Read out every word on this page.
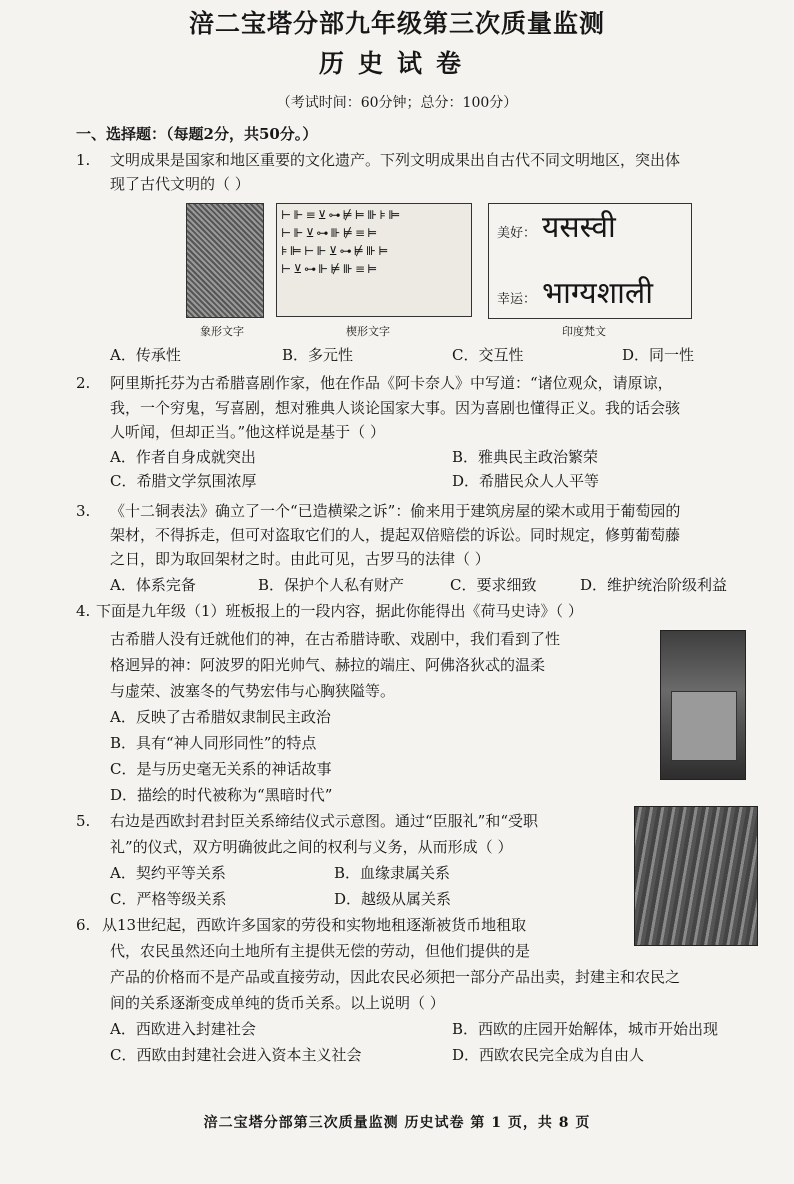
涪二宝塔分部九年级第三次质量监测
历史试卷
（考试时间：60分钟；总分：100分）
一、选择题：（每题2分，共50分。）
1. 文明成果是国家和地区重要的文化遗产。下列文明成果出自古代不同文明地区，突出体
现了古代文明的（ ）
⊢⊩≡⊻⊶⊭⊨⊪⊧⊫ ⊢⊩⊻⊶⊪⊭≡⊨ ⊧⊫⊢⊩⊻⊶⊭⊪⊨ ⊢⊻⊶⊩⊭⊪≡⊨
美好： यसस्वी
幸运： भाग्यशाली
象形文字	楔形文字	印度梵文
A．传承性	B．多元性	C．交互性	D．同一性
2. 阿里斯托芬为古希腊喜剧作家，他在作品《阿卡奈人》中写道：“诸位观众，请原谅，
我，一个穷鬼，写喜剧，想对雅典人谈论国家大事。因为喜剧也懂得正义。我的话会骇
人听闻，但却正当。”他这样说是基于（ ）
A．作者自身成就突出	B．雅典民主政治繁荣
C．希腊文学氛围浓厚	D．希腊民众人人平等
3. 《十二铜表法》确立了一个“已造横梁之诉”：偷来用于建筑房屋的梁木或用于葡萄园的
架材，不得拆走，但可对盗取它们的人，提起双倍赔偿的诉讼。同时规定，修剪葡萄藤
之日，即为取回架材之时。由此可见，古罗马的法律（ ）
A．体系完备	B．保护个人私有财产	C．要求细致	D．维护统治阶级利益
4. 下面是九年级（1）班板报上的一段内容，据此你能得出《荷马史诗》（ ）
古希腊人没有迁就他们的神，在古希腊诗歌、戏剧中，我们看到了性
格迥异的神：阿波罗的阳光帅气、赫拉的端庄、阿佛洛狄忒的温柔
与虚荣、波塞冬的气势宏伟与心胸狭隘等。
A．反映了古希腊奴隶制民主政治
B．具有“神人同形同性”的特点
C．是与历史毫无关系的神话故事
D．描绘的时代被称为“黑暗时代”
5. 右边是西欧封君封臣关系缔结仪式示意图。通过“臣服礼”和“受职
礼”的仪式，双方明确彼此之间的权利与义务，从而形成（ ）
A．契约平等关系	B．血缘隶属关系
C．严格等级关系	D．越级从属关系
6. 从13世纪起，西欧许多国家的劳役和实物地租逐渐被货币地租取
代，农民虽然还向土地所有主提供无偿的劳动，但他们提供的是
产品的价格而不是产品或直接劳动，因此农民必须把一部分产品出卖，封建主和农民之
间的关系逐渐变成单纯的货币关系。以上说明（ ）
A．西欧进入封建社会	B．西欧的庄园开始解体，城市开始出现
C．西欧由封建社会进入资本主义社会	D．西欧农民完全成为自由人
涪二宝塔分部第三次质量监测 历史试卷 第 1 页，共 8 页
